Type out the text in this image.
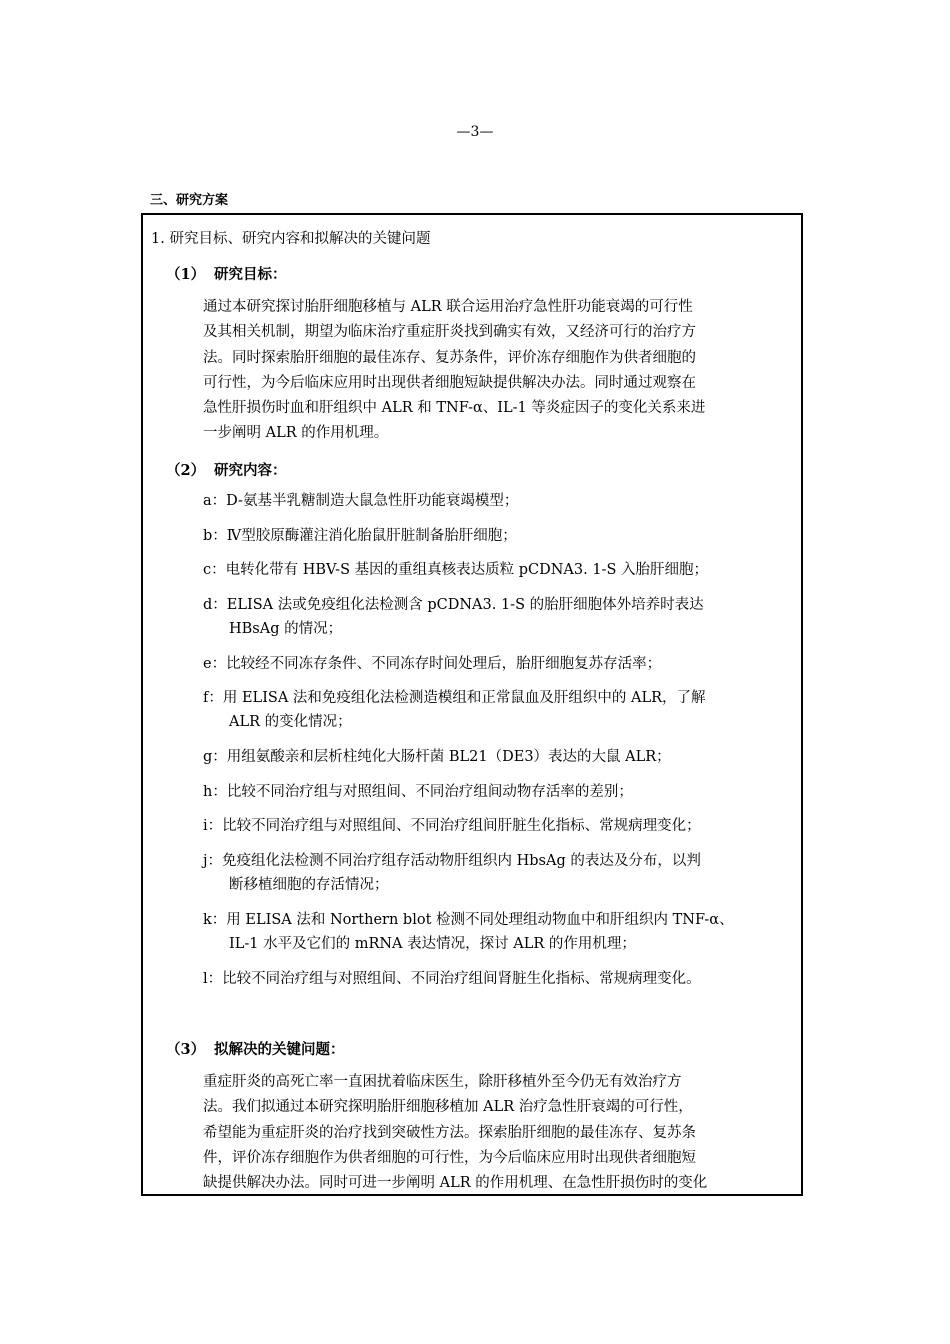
—3—
三、研究方案
1. 研究目标、研究内容和拟解决的关键问题
（1） 研究目标：
通过本研究探讨胎肝细胞移植与 ALR 联合运用治疗急性肝功能衰竭的可行性
及其相关机制，期望为临床治疗重症肝炎找到确实有效，又经济可行的治疗方
法。同时探索胎肝细胞的最佳冻存、复苏条件，评价冻存细胞作为供者细胞的
可行性，为今后临床应用时出现供者细胞短缺提供解决办法。同时通过观察在
急性肝损伤时血和肝组织中 ALR 和 TNF-α、IL-1 等炎症因子的变化关系来进
一步阐明 ALR 的作用机理。
（2） 研究内容：
a：D-氨基半乳糖制造大鼠急性肝功能衰竭模型；
b：Ⅳ型胶原酶灌注消化胎鼠肝脏制备胎肝细胞；
c：电转化带有 HBV-S 基因的重组真核表达质粒 pCDNA3. 1-S 入胎肝细胞；
d：ELISA 法或免疫组化法检测含 pCDNA3. 1-S 的胎肝细胞体外培养时表达
HBsAg 的情况；
e：比较经不同冻存条件、不同冻存时间处理后，胎肝细胞复苏存活率；
f：用 ELISA 法和免疫组化法检测造模组和正常鼠血及肝组织中的 ALR，了解
ALR 的变化情况；
g：用组氨酸亲和层析柱纯化大肠杆菌 BL21（DE3）表达的大鼠 ALR；
h：比较不同治疗组与对照组间、不同治疗组间动物存活率的差别；
i：比较不同治疗组与对照组间、不同治疗组间肝脏生化指标、常规病理变化；
j：免疫组化法检测不同治疗组存活动物肝组织内 HbsAg 的表达及分布，以判
断移植细胞的存活情况；
k：用 ELISA 法和 Northern blot 检测不同处理组动物血中和肝组织内 TNF-α、
IL-1 水平及它们的 mRNA 表达情况，探讨 ALR 的作用机理；
l：比较不同治疗组与对照组间、不同治疗组间肾脏生化指标、常规病理变化。
（3） 拟解决的关键问题：
重症肝炎的高死亡率一直困扰着临床医生，除肝移植外至今仍无有效治疗方
法。我们拟通过本研究探明胎肝细胞移植加 ALR 治疗急性肝衰竭的可行性，
希望能为重症肝炎的治疗找到突破性方法。探索胎肝细胞的最佳冻存、复苏条
件，评价冻存细胞作为供者细胞的可行性，为今后临床应用时出现供者细胞短
缺提供解决办法。同时可进一步阐明 ALR 的作用机理、在急性肝损伤时的变化
